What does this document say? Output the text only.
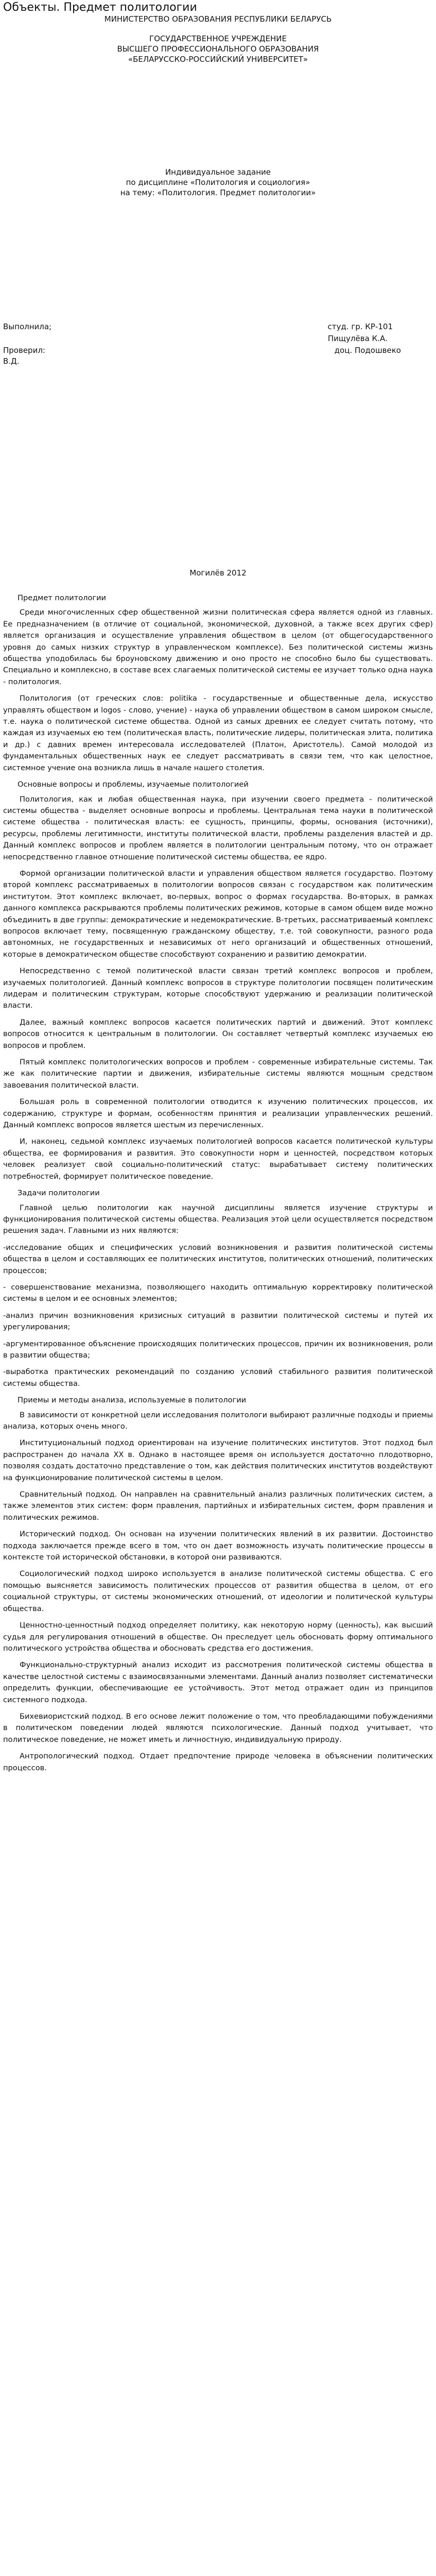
Объекты. Предмет политологии
МИНИСТЕРСТВО ОБРАЗОВАНИЯ РЕСПУБЛИКИ БЕЛАРУСЬ
ГОСУДАРСТВЕННОЕ УЧРЕЖДЕНИЕ
ВЫСШЕГО ПРОФЕССИОНАЛЬНОГО ОБРАЗОВАНИЯ
«БЕЛАРУССКО-РОССИЙСКИЙ УНИВЕРСИТЕТ»
Индивидуальное задание
по дисциплине «Политология и социология»
на тему: «Политология. Предмет политологии»
Выполнила;	студ. гр. КР-101
Пищулёва К.А.
Проверил:	доц. Подошвеко
В.Д.
Могилёв 2012
Предмет политологии

Среди многочисленных сфер общественной жизни политическая сфера является одной из главных. Ее предназначением (в отличие от социальной, экономической, духовной, а также всех других сфер) является организация и осуществление управления обществом в целом (от общегосударственного уровня до самых низких структур в управленческом комплексе). Без политической системы жизнь общества уподобилась бы броуновскому движению и оно просто не способно было бы существовать. Специально и комплексно, в составе всех слагаемых политической системы ее изучает только одна наука - политология.

Политология (от греческих слов: politika - государственные и общественные дела, искусство управлять обществом и logos - слово, учение) - наука об управлении обществом в самом широком смысле, т.е. наука о политической системе общества. Одной из самых древних ее следует считать потому, что каждая из изучаемых ею тем (политическая власть, политические лидеры, политическая элита, политика и др.) с давних времен интересовала исследователей (Платон, Аристотель). Самой молодой из фундаментальных общественных наук ее следует рассматривать в связи тем, что как целостное, системное учение она возникла лишь в начале нашего столетия.

Основные вопросы и проблемы, изучаемые политологией

Политология, как и любая общественная наука, при изучении своего предмета - политической системы общества - выделяет основные вопросы и проблемы. Центральная тема науки в политической системе общества - политическая власть: ее сущность, принципы, формы, основания (источники), ресурсы, проблемы легитимности, институты политической власти, проблемы разделения властей и др. Данный комплекс вопросов и проблем является в политологии центральным потому, что он отражает непосредственно главное отношение политической системы общества, ее ядро.

Формой организации политической власти и управления обществом является государство. Поэтому второй комплекс рассматриваемых в политологии вопросов связан с государством как политическим институтом. Этот комплекс включает, во-первых, вопрос о формах государства. Во-вторых, в рамках данного комплекса раскрываются проблемы политических режимов, которые в самом общем виде можно объединить в две группы: демократические и недемократические. В-третьих, рассматриваемый комплекс вопросов включает тему, посвященную гражданскому обществу, т.е. той совокупности, разного рода автономных, не государственных и независимых от него организаций и общественных отношений, которые в демократическом обществе способствуют сохранению и развитию демократии.

Непосредственно с темой политической власти связан третий комплекс вопросов и проблем, изучаемых политологией. Данный комплекс вопросов в структуре политологии посвящен политическим лидерам и политическим структурам, которые способствуют удержанию и реализации политической власти.

Далее, важный комплекс вопросов касается политических партий и движений. Этот комплекс вопросов относится к центральным в политологии. Он составляет четвертый комплекс изучаемых ею вопросов и проблем.

Пятый комплекс политологических вопросов и проблем - современные избирательные системы. Так же как политические партии и движения, избирательные системы являются мощным средством завоевания политической власти.

Большая роль в современной политологии отводится к изучению политических процессов, их содержанию, структуре и формам, особенностям принятия и реализации управленческих решений. Данный комплекс вопросов является шестым из перечисленных.

И, наконец, седьмой комплекс изучаемых политологией вопросов касается политической культуры общества, ее формирования и развития. Это совокупности норм и ценностей, посредством которых человек реализует свой социально-политический статус: вырабатывает систему политических потребностей, формирует политическое поведение.

Задачи политологии

Главной целью политологии как научной дисциплины является изучение структуры и функционирования политической системы общества. Реализация этой цели осуществляется посредством решения задач. Главными из них являются:

-исследование общих и специфических условий возникновения и развития политической системы общества в целом и составляющих ее политических институтов, политических отношений, политических процессов;

- совершенствование механизма, позволяющего находить оптимальную корректировку политической системы в целом и ее основных элементов;

-анализ причин возникновения кризисных ситуаций в развитии политической системы и путей их урегулирования;

-аргументированное объяснение происходящих политических процессов, причин их возникновения, роли в развитии общества;

-выработка практических рекомендаций по созданию условий стабильного развития политической системы общества.

Приемы и методы анализа, используемые в политологии

В зависимости от конкретной цели исследования политологи выбирают различные подходы и приемы анализа, которых очень много.

Институциональный подход ориентирован на изучение политических институтов. Этот подход был распространен до начала XX в. Однако в настоящее время он используется достаточно плодотворно, позволяя создать достаточно представление о том, как действия политических институтов воздействуют на функционирование политической системы в целом.

Сравнительный подход. Он направлен на сравнительный анализ различных политических систем, а также элементов этих систем: форм правления, партийных и избирательных систем, форм правления и политических режимов.

Исторический подход. Он основан на изучении политических явлений в их развитии. Достоинство подхода заключается прежде всего в том, что он дает возможность изучать политические процессы в контексте той исторической обстановки, в которой они развиваются.

Социологический подход широко используется в анализе политической системы общества. С его помощью выясняется зависимость политических процессов от развития общества в целом, от его социальной структуры, от системы экономических отношений, от идеологии и политической культуры общества.

Ценностно-ценностный подход определяет политику, как некоторую норму (ценность), как высший судья для регулирования отношений в обществе. Он преследует цель обосновать форму оптимального политического устройства общества и обосновать средства его достижения.

Функционально-структурный анализ исходит из рассмотрения политической системы общества в качестве целостной системы с взаимосвязанными элементами. Данный анализ позволяет систематически определить функции, обеспечивающие ее устойчивость. Этот метод отражает один из принципов системного подхода.

Бихевиористский подход. В его основе лежит положение о том, что преобладающими побуждениями в политическом поведении людей являются психологические. Данный подход учитывает, что политическое поведение, не может иметь и личностную, индивидуальную природу.

Антропологический подход. Отдает предпочтение природе человека в объяснении политических процессов.
